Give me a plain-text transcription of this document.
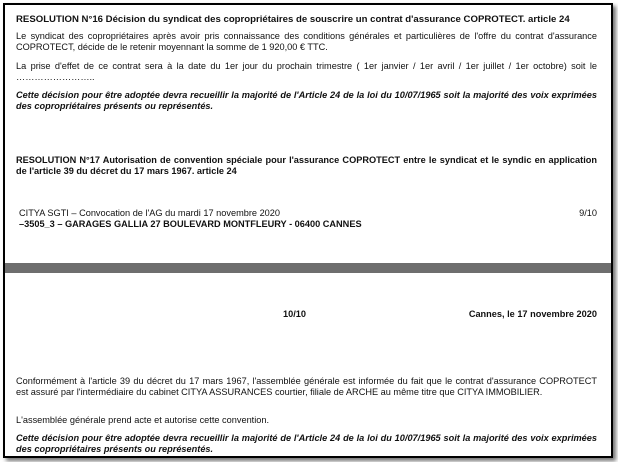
RESOLUTION N°16 Décision du syndicat des copropriétaires de souscrire un contrat d'assurance COPROTECT. article 24
Le syndicat des copropriétaires après avoir pris connaissance des conditions générales et particulières de l'offre du contrat d'assurance COPROTECT, décide de le retenir moyennant la somme de 1 920,00 € TTC.
La prise d'effet de ce contrat sera à la date du 1er jour du prochain trimestre ( 1er janvier / 1er avril / 1er juillet / 1er octobre) soit le ……………………..
Cette décision pour être adoptée devra recueillir la majorité de l'Article 24 de la loi du 10/07/1965 soit la majorité des voix exprimées des copropriétaires présents ou représentés.
RESOLUTION N°17 Autorisation de convention spéciale pour l'assurance COPROTECT entre le syndicat et le syndic en application de l'article 39 du décret du 17 mars 1967. article 24
CITYA SGTI – Convocation de l'AG du mardi 17 novembre 2020	9/10
–3505_3 – GARAGES GALLIA 27 BOULEVARD MONTFLEURY - 06400 CANNES
10/10	Cannes, le 17 novembre 2020
Conformément à l'article 39 du décret du 17 mars 1967, l'assemblée générale est informée du fait que le contrat d'assurance COPROTECT est assuré par l'intermédiaire du cabinet CITYA ASSURANCES courtier, filiale de ARCHE au même titre que CITYA IMMOBILIER.
L'assemblée générale prend acte et autorise cette convention.
Cette décision pour être adoptée devra recueillir la majorité de l'Article 24 de la loi du 10/07/1965 soit la majorité des voix exprimées des copropriétaires présents ou représentés.
